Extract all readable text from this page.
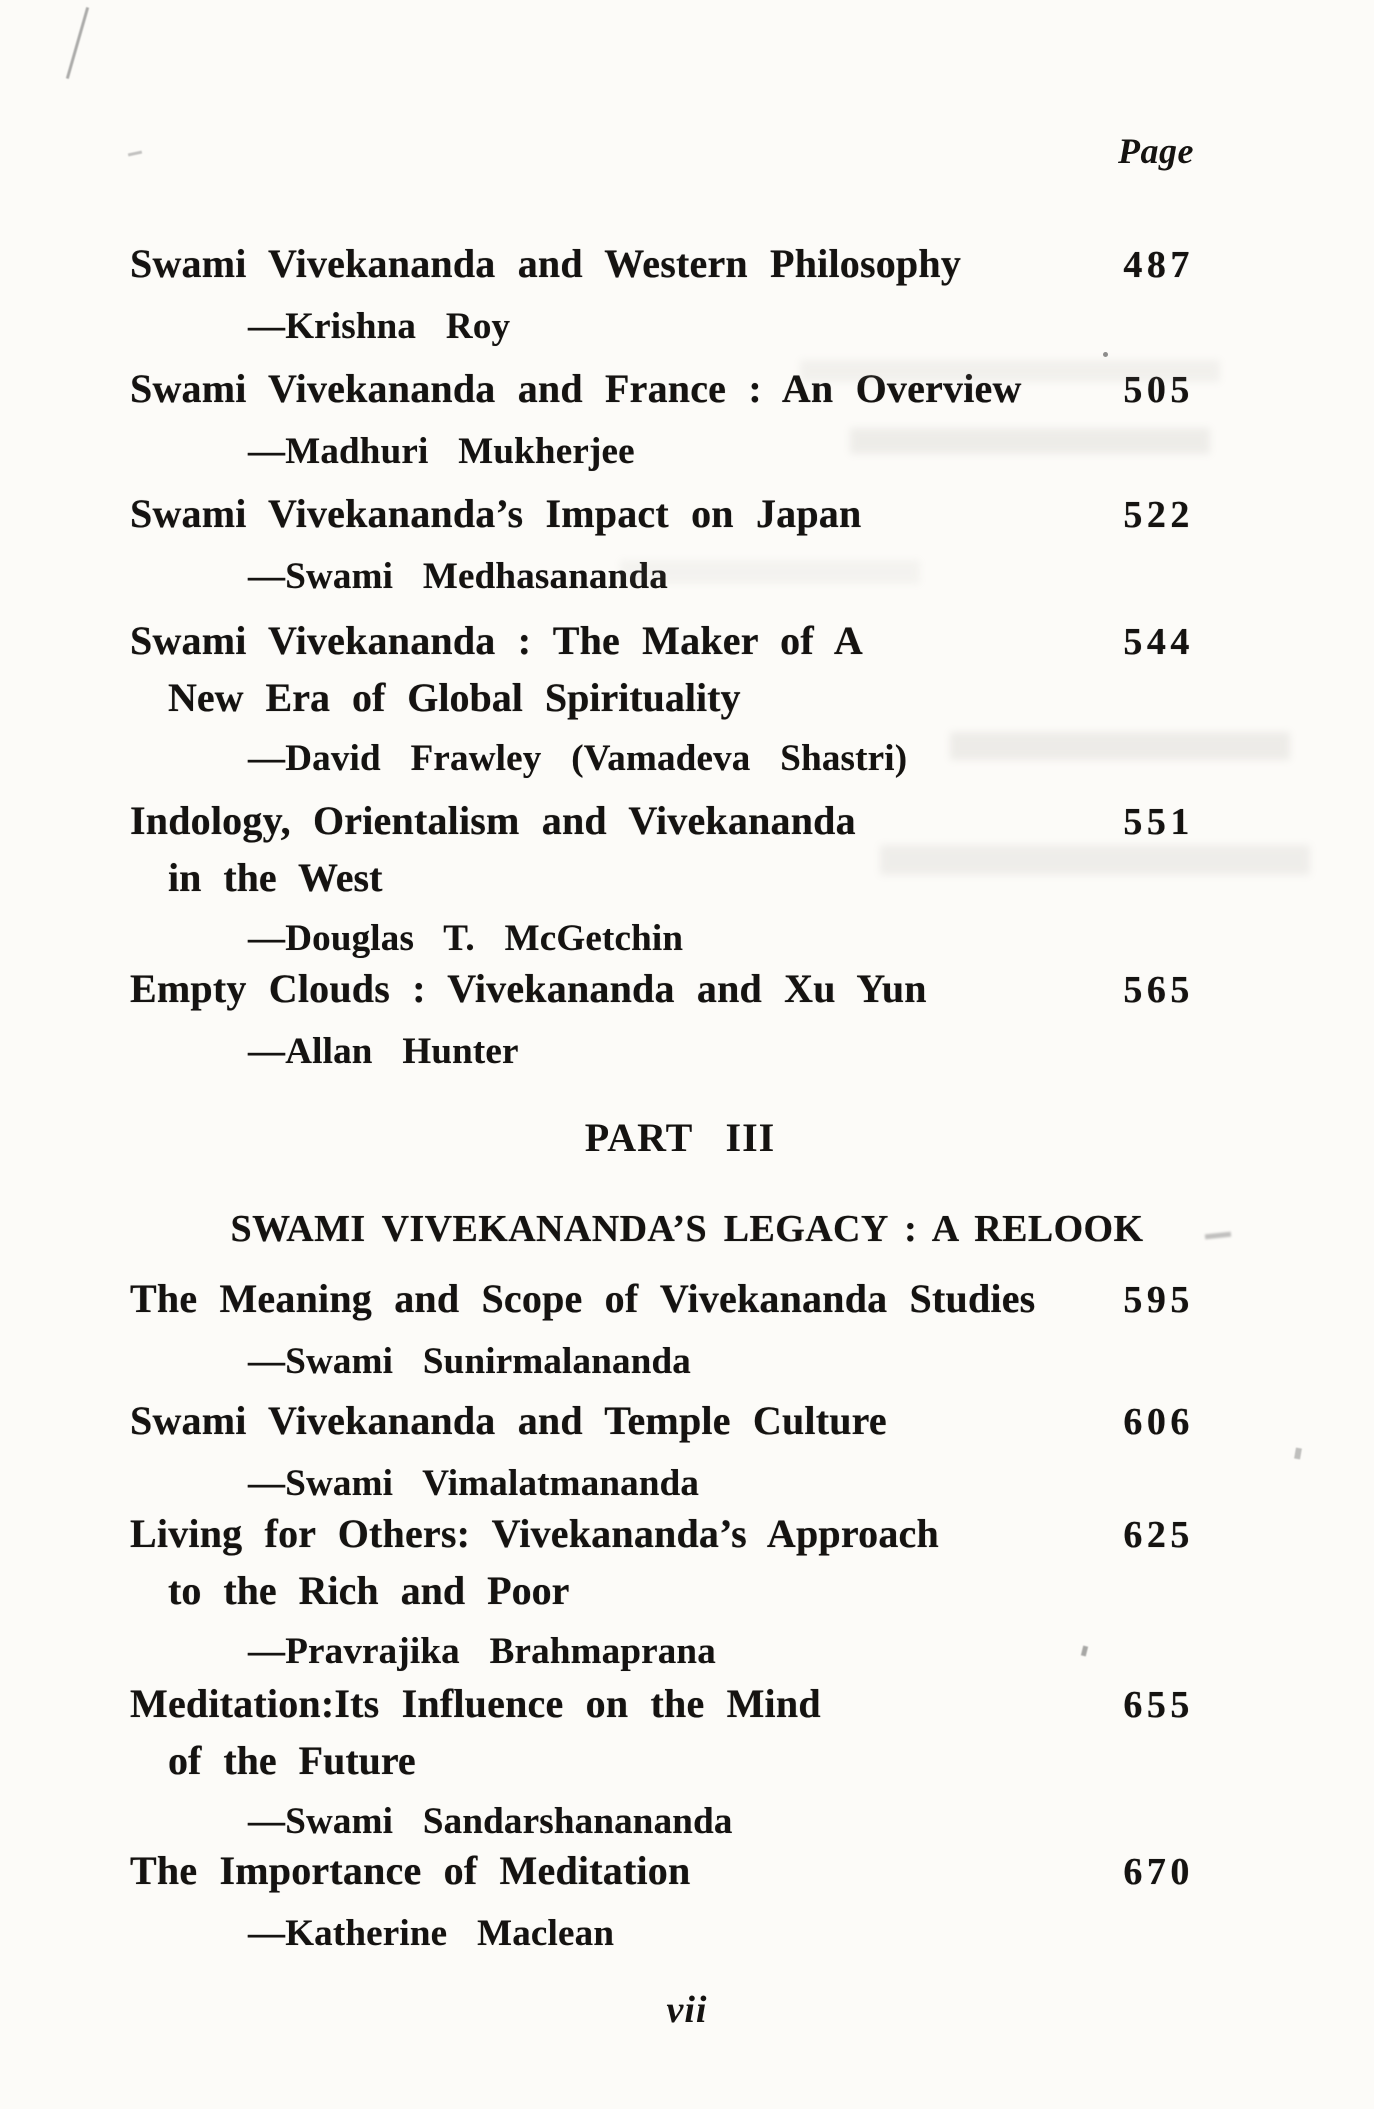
Page
Swami Vivekananda and Western Philosophy	487
—Krishna Roy
Swami Vivekananda and France : An Overview	505
—Madhuri Mukherjee
Swami Vivekananda’s Impact on Japan	522
—Swami Medhasananda
Swami Vivekananda : The Maker of A	544
New Era of Global Spirituality
—David Frawley (Vamadeva Shastri)
Indology, Orientalism and Vivekananda	551
in the West
—Douglas T. McGetchin
Empty Clouds : Vivekananda and Xu Yun	565
—Allan Hunter
PART III
SWAMI VIVEKANANDA’S LEGACY : A RELOOK
The Meaning and Scope of Vivekananda Studies	595
—Swami Sunirmalananda
Swami Vivekananda and Temple Culture	606
—Swami Vimalatmananda
Living for Others: Vivekananda’s Approach	625
to the Rich and Poor
—Pravrajika Brahmaprana
Meditation:Its Influence on the Mind	655
of the Future
—Swami Sandarshanananda
The Importance of Meditation	670
—Katherine Maclean
vii
